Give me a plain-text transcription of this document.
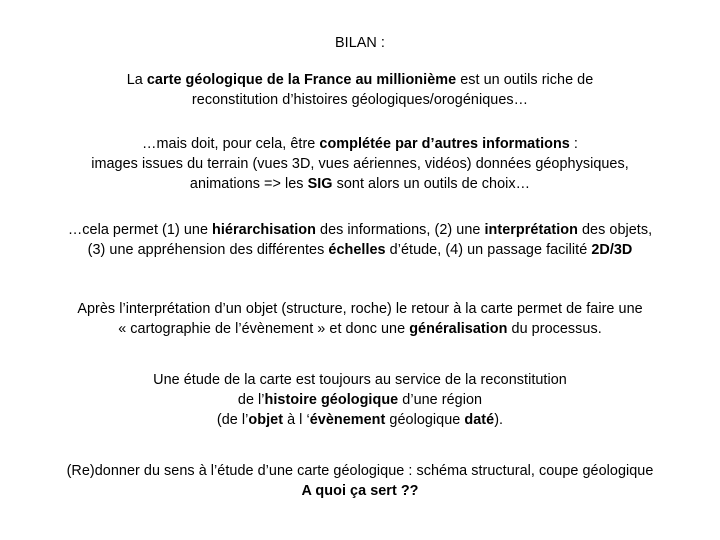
BILAN :

La carte géologique de la France au millionième est un outils riche de

reconstitution d’histoires géologiques/orogéniques…

…mais doit, pour cela, être complétée par d’autres informations :

images issues du terrain (vues 3D, vues aériennes, vidéos) données géophysiques,

animations => les SIG sont alors un outils de choix…

…cela permet (1) une hiérarchisation des informations, (2) une interprétation des objets,

(3) une appréhension des différentes échelles d’étude, (4) un passage facilité 2D/3D

Après l’interprétation d’un objet (structure, roche) le retour à la carte permet de faire une

« cartographie de l’évènement » et donc une généralisation du processus.

Une étude de la carte est toujours au service de la reconstitution

de l’histoire géologique d’une région

(de l’objet à l ‘évènement géologique daté).

(Re)donner du sens à l’étude d’une carte géologique : schéma structural, coupe géologique

A quoi ça sert ??
